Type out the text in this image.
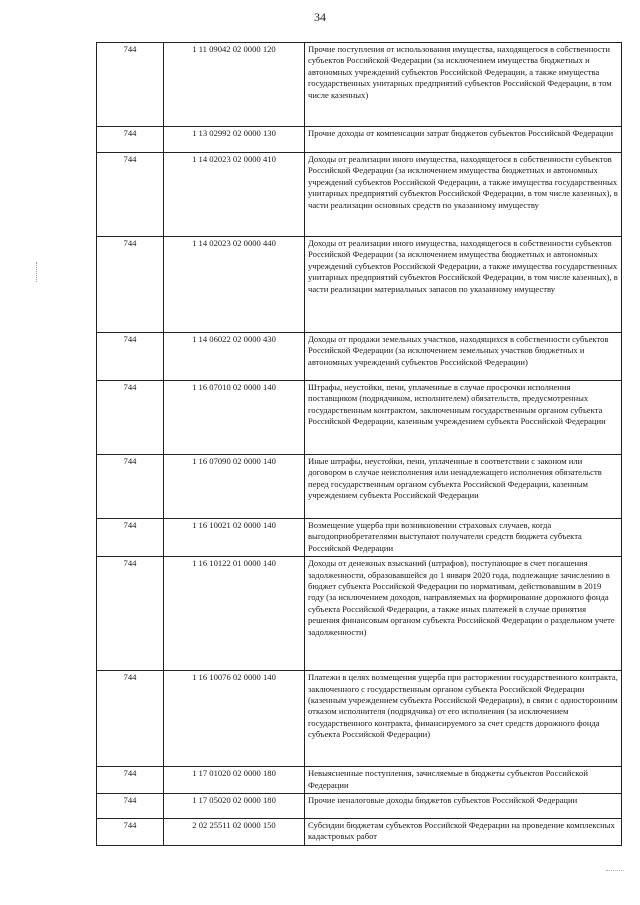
34
744	1 11 09042 02 0000 120	Прочие поступления от использования имущества, находящегося в собственности субъектов Российской Федерации (за исключением имущества бюджетных и автономных учреждений субъектов Российской Федерации, а также имущества государственных унитарных предприятий субъектов Российской Федерации, в том числе казенных)
744	1 13 02992 02 0000 130	Прочие доходы от компенсации затрат бюджетов субъектов Российской Федерации
744	1 14 02023 02 0000 410	Доходы от реализации иного имущества, находящегося в собственности субъектов Российской Федерации (за исключением имущества бюджетных и автономных учреждений субъектов Российской Федерации, а также имущества государственных унитарных предприятий субъектов Российской Федерации, в том числе казенных), в части реализации основных средств по указанному имуществу
744	1 14 02023 02 0000 440	Доходы от реализации иного имущества, находящегося в собственности субъектов Российской Федерации (за исключением имущества бюджетных и автономных учреждений субъектов Российской Федерации, а также имущества государственных унитарных предприятий субъектов Российской Федерации, в том числе казенных), в части реализации материальных запасов по указанному имуществу
744	1 14 06022 02 0000 430	Доходы от продажи земельных участков, находящихся в собственности субъектов Российской Федерации (за исключением земельных участков бюджетных и автономных учреждений субъектов Российской Федерации)
744	1 16 07010 02 0000 140	Штрафы, неустойки, пени, уплаченные в случае просрочки исполнения поставщиком (подрядчиком, исполнителем) обязательств, предусмотренных государственным контрактом, заключенным государственным органом субъекта Российской Федерации, казенным учреждением субъекта Российской Федерации
744	1 16 07090 02 0000 140	Иные штрафы, неустойки, пени, уплаченные в соответствии с законом или договором в случае неисполнения или ненадлежащего исполнения обязательств перед государственным органом субъекта Российской Федерации, казенным учреждением субъекта Российской Федерации
744	1 16 10021 02 0000 140	Возмещение ущерба при возникновении страховых случаев, когда выгодоприобретателями выступают получатели средств бюджета субъекта Российской Федерации
744	1 16 10122 01 0000 140	Доходы от денежных взысканий (штрафов), поступающие в счет погашения задолженности, образовавшейся до 1 января 2020 года, подлежащие зачислению в бюджет субъекта Российской Федерации по нормативам, действовавшим в 2019 году (за исключением доходов, направляемых на формирование дорожного фонда субъекта Российской Федерации, а также иных платежей в случае принятия решения финансовым органом субъекта Российской Федерации о раздельном учете задолженности)
744	1 16 10076 02 0000 140	Платежи в целях возмещения ущерба при расторжении государственного контракта, заключенного с государственным органом субъекта Российской Федерации (казенным учреждением субъекта Российской Федерации), в связи с односторонним отказом исполнителя (подрядчика) от его исполнения (за исключением государственного контракта, финансируемого за счет средств дорожного фонда субъекта Российской Федерации)
744	1 17 01020 02 0000 180	Невыясненные поступления, зачисляемые в бюджеты субъектов Российской Федерации
744	1 17 05020 02 0000 180	Прочие неналоговые доходы бюджетов субъектов Российской Федерации
744	2 02 25511 02 0000 150	Субсидии бюджетам субъектов Российской Федерации на проведение комплексных кадастровых работ
